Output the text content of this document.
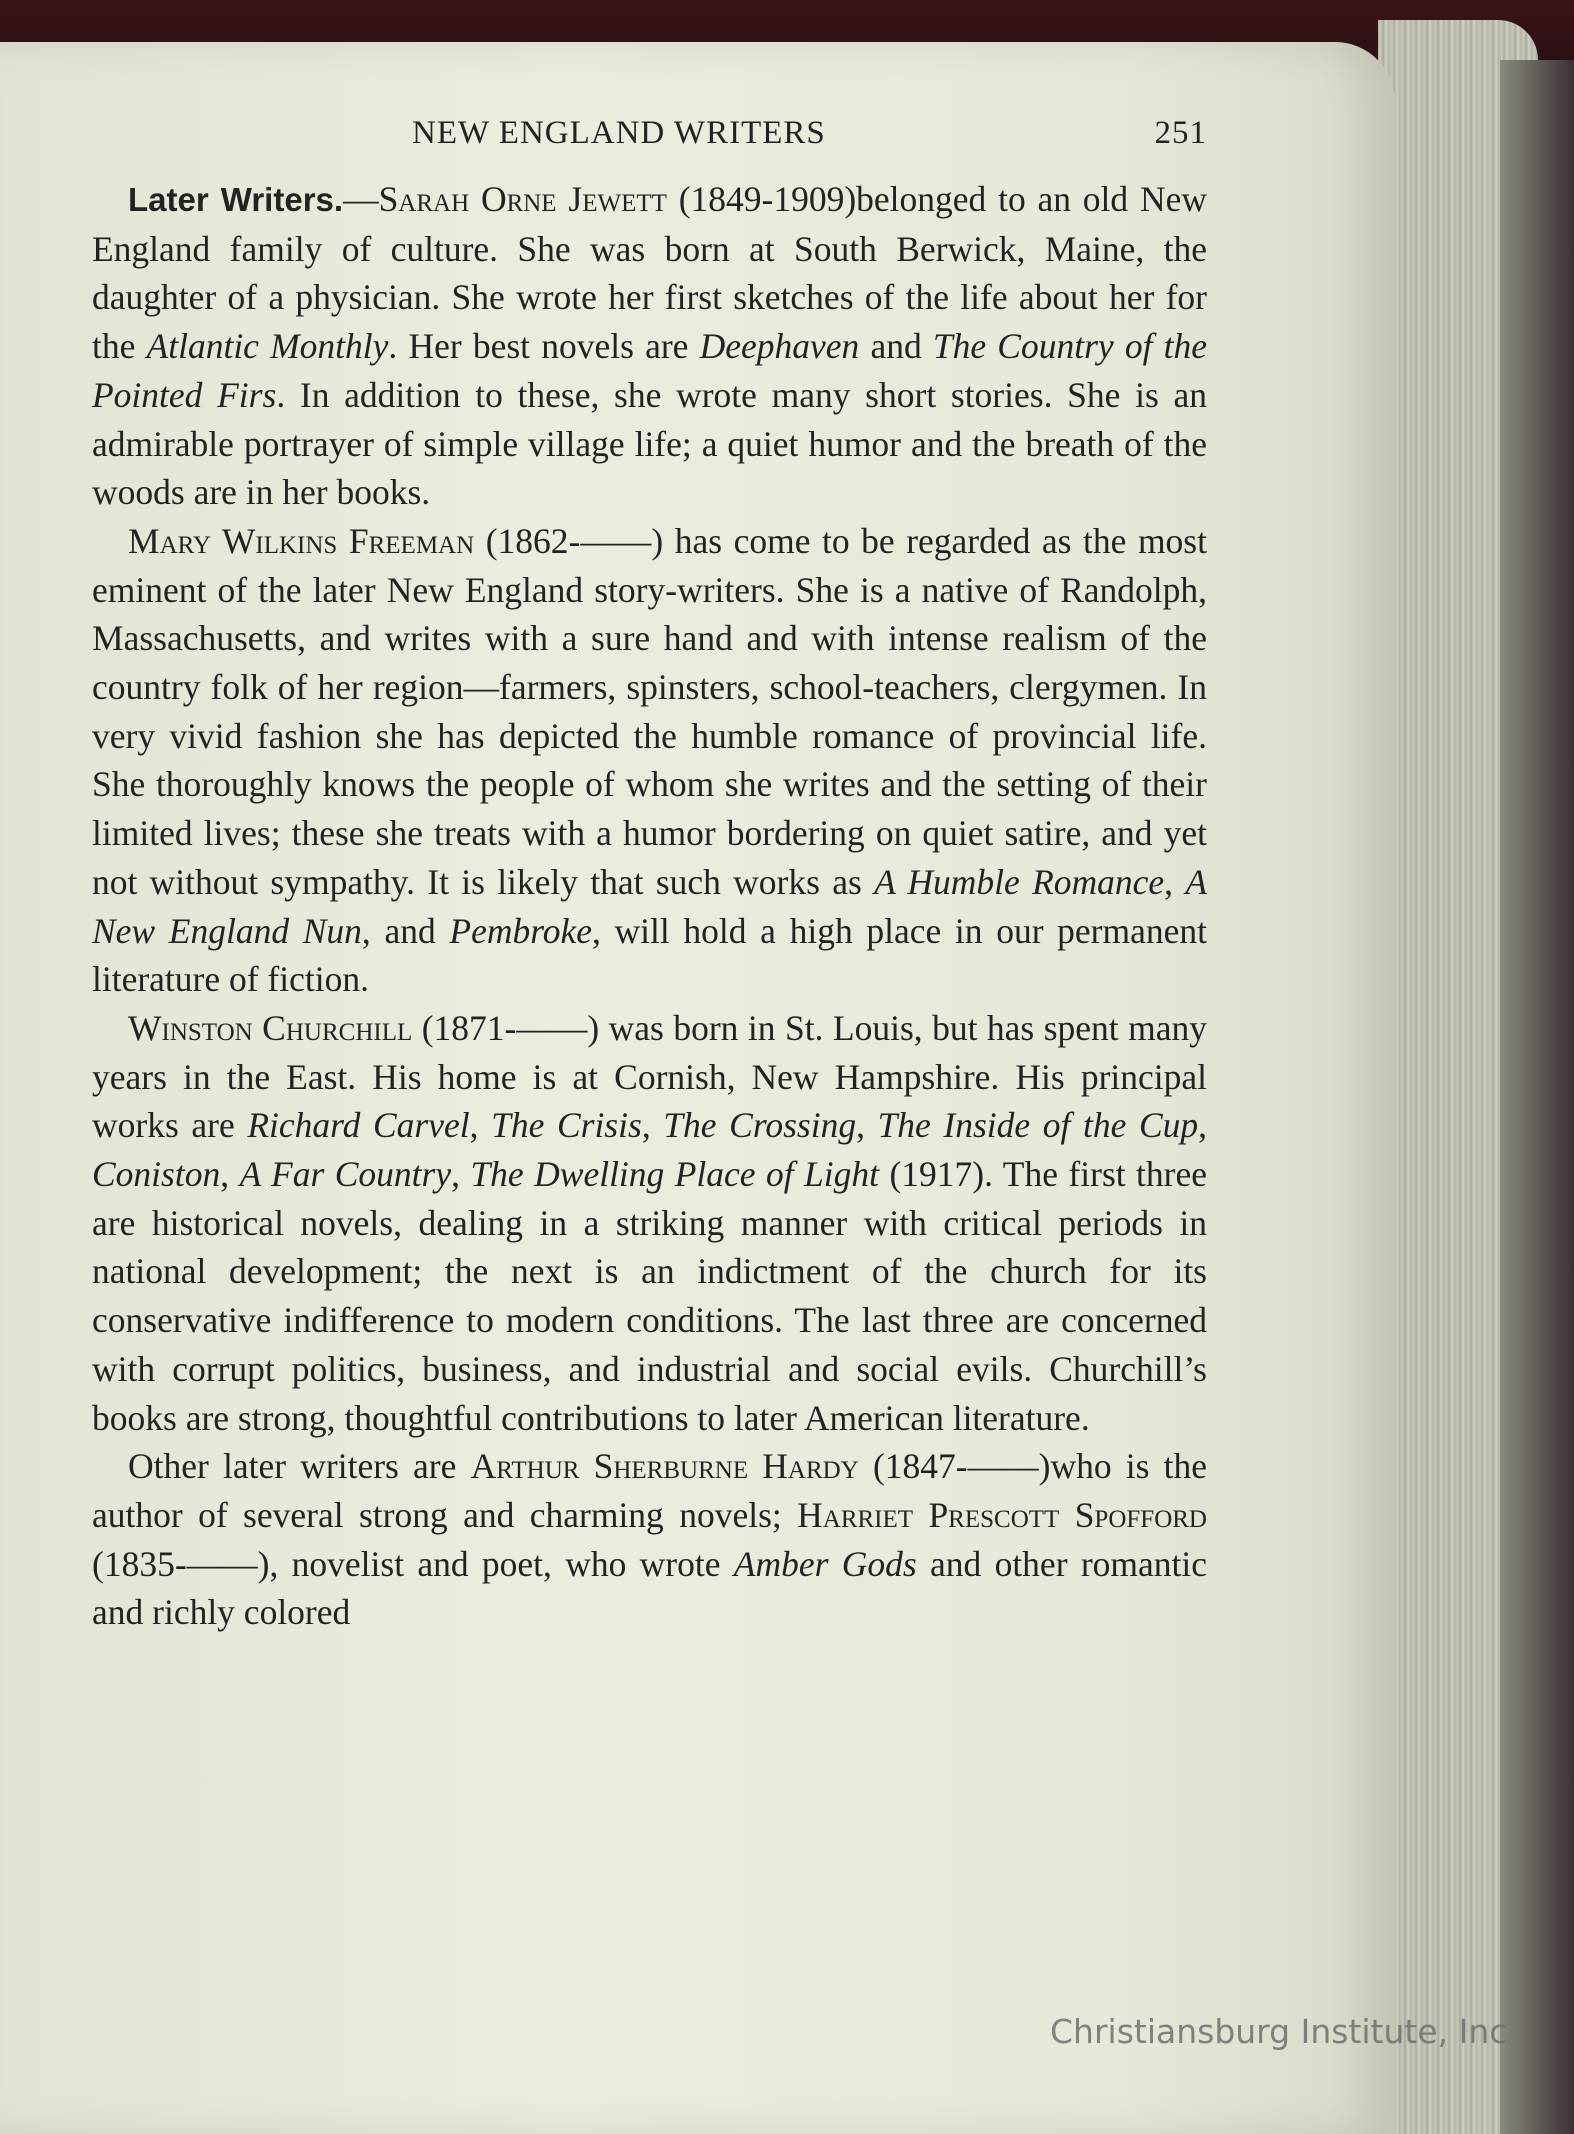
NEW ENGLAND WRITERS	251

Later Writers.—Sarah Orne Jewett (1849-1909)belonged to an old New England family of culture. She was born at South Berwick, Maine, the daughter of a physician. She wrote her first sketches of the life about her for the Atlantic Monthly. Her best novels are Deephaven and The Country of the Pointed Firs. In addition to these, she wrote many short stories. She is an admirable portrayer of simple village life; a quiet humor and the breath of the woods are in her books.

Mary Wilkins Freeman (1862-——) has come to be regarded as the most eminent of the later New England story-writers. She is a native of Randolph, Massachusetts, and writes with a sure hand and with intense realism of the country folk of her region—farmers, spinsters, school-teachers, clergymen. In very vivid fashion she has depicted the humble romance of provincial life. She thoroughly knows the people of whom she writes and the setting of their limited lives; these she treats with a humor bordering on quiet satire, and yet not without sympathy. It is likely that such works as A Humble Romance, A New England Nun, and Pembroke, will hold a high place in our permanent literature of fiction.

Winston Churchill (1871-——) was born in St. Louis, but has spent many years in the East. His home is at Cornish, New Hampshire. His principal works are Richard Carvel, The Crisis, The Crossing, The Inside of the Cup, Coniston, A Far Country, The Dwelling Place of Light (1917). The first three are historical novels, dealing in a striking manner with critical periods in national development; the next is an indictment of the church for its conservative indifference to modern conditions. The last three are concerned with corrupt politics, business, and industrial and social evils. Churchill’s books are strong, thoughtful contributions to later American literature.

Other later writers are Arthur Sherburne Hardy (1847-——)who is the author of several strong and charming novels; Harriet Prescott Spofford (1835-——), novelist and poet, who wrote Amber Gods and other romantic and richly colored

Christiansburg Institute, Inc
